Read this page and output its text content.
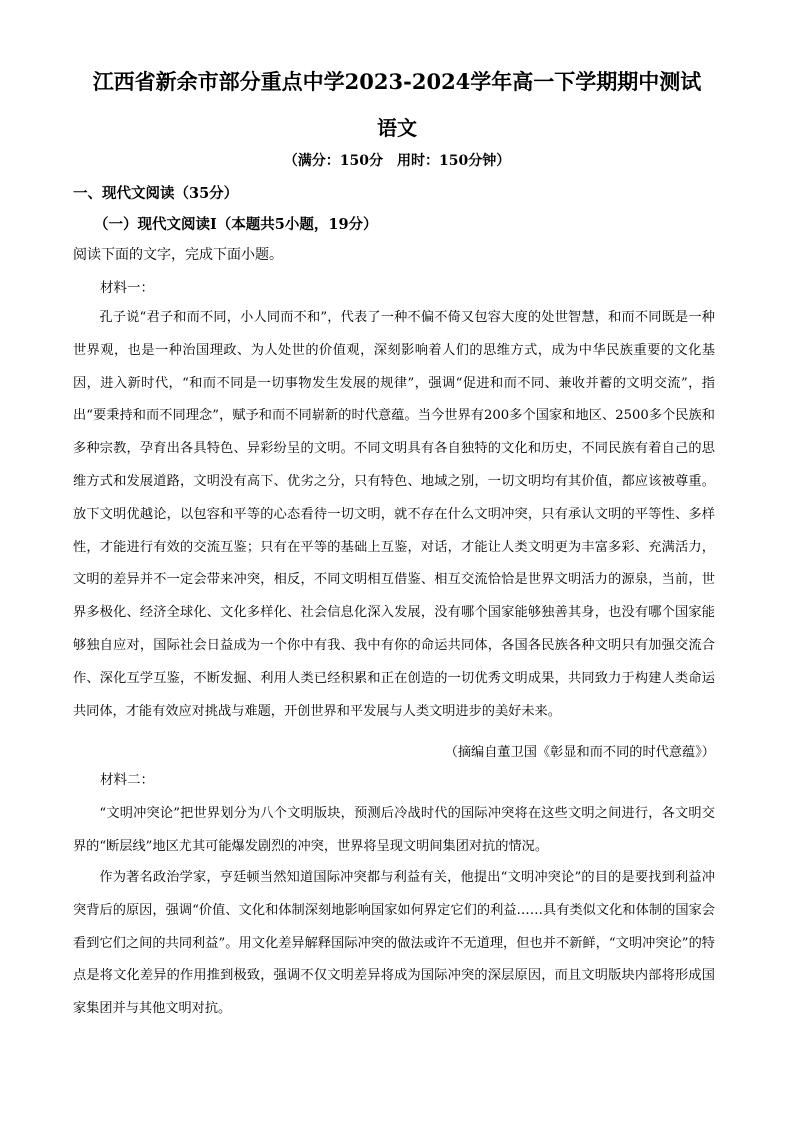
江西省新余市部分重点中学2023-2024学年高一下学期期中测试
语文
（满分：150分　用时：150分钟）
一、现代文阅读（35分）
（一）现代文阅读Ⅰ（本题共5小题，19分）
阅读下面的文字，完成下面小题。
材料一：

孔子说“君子和而不同，小人同而不和”，代表了一种不偏不倚又包容大度的处世智慧，和而不同既是一种世界观，也是一种治国理政、为人处世的价值观，深刻影响着人们的思维方式，成为中华民族重要的文化基因，进入新时代，“和而不同是一切事物发生发展的规律”，强调“促进和而不同、兼收并蓄的文明交流”，指出“要秉持和而不同理念”，赋予和而不同崭新的时代意蕴。当今世界有200多个国家和地区、2500多个民族和多种宗教，孕育出各具特色、异彩纷呈的文明。不同文明具有各自独特的文化和历史，不同民族有着自己的思维方式和发展道路，文明没有高下、优劣之分，只有特色、地域之别，一切文明均有其价值，都应该被尊重。放下文明优越论，以包容和平等的心态看待一切文明，就不存在什么文明冲突，只有承认文明的平等性、多样性，才能进行有效的交流互鉴；只有在平等的基础上互鉴，对话，才能让人类文明更为丰富多彩、充满活力，文明的差异并不一定会带来冲突，相反，不同文明相互借鉴、相互交流恰恰是世界文明活力的源泉，当前，世界多极化、经济全球化、文化多样化、社会信息化深入发展，没有哪个国家能够独善其身，也没有哪个国家能够独自应对，国际社会日益成为一个你中有我、我中有你的命运共同体，各国各民族各种文明只有加强交流合作、深化互学互鉴，不断发掘、利用人类已经积累和正在创造的一切优秀文明成果，共同致力于构建人类命运共同体，才能有效应对挑战与难题，开创世界和平发展与人类文明进步的美好未来。

（摘编自董卫国《彰显和而不同的时代意蕴》）
材料二：

“文明冲突论”把世界划分为八个文明版块，预测后冷战时代的国际冲突将在这些文明之间进行，各文明交界的“断层线”地区尤其可能爆发剧烈的冲突，世界将呈现文明间集团对抗的情况。

作为著名政治学家，亨廷顿当然知道国际冲突都与利益有关，他提出“文明冲突论”的目的是要找到利益冲突背后的原因，强调“价值、文化和体制深刻地影响国家如何界定它们的利益……具有类似文化和体制的国家会看到它们之间的共同利益”。用文化差异解释国际冲突的做法或许不无道理，但也并不新鲜，“文明冲突论”的特点是将文化差异的作用推到极致，强调不仅文明差异将成为国际冲突的深层原因，而且文明版块内部将形成国家集团并与其他文明对抗。
